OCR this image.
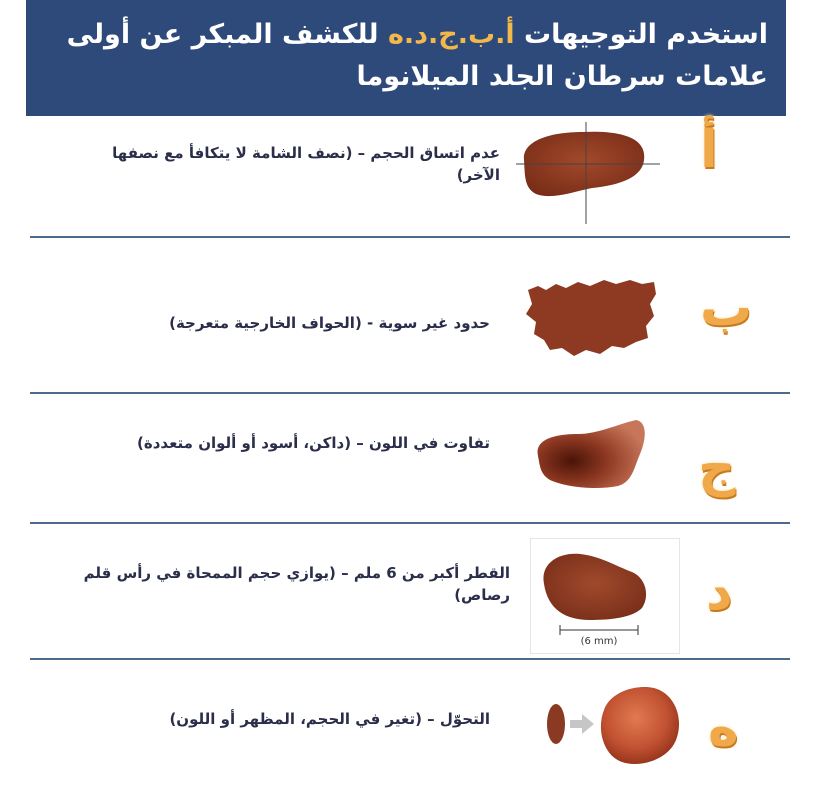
استخدم التوجيهات أ.ب.ج.د.ه للكشف المبكر عن أولى علامات سرطان الجلد الميلانوما

أ
عدم اتساق الحجم – (نصف الشامة لا يتكافأ مع نصفها الآخر)
ب
حدود غير سوية - (الحواف الخارجية متعرجة)
ج
تفاوت في اللون – (داكن، أسود أو ألوان متعددة)
د
(6 mm)
القطر أكبر من 6 ملم – (يوازي حجم الممحاة في رأس قلم رصاص)
ه
التحوّل – (تغير في الحجم، المظهر أو اللون)
